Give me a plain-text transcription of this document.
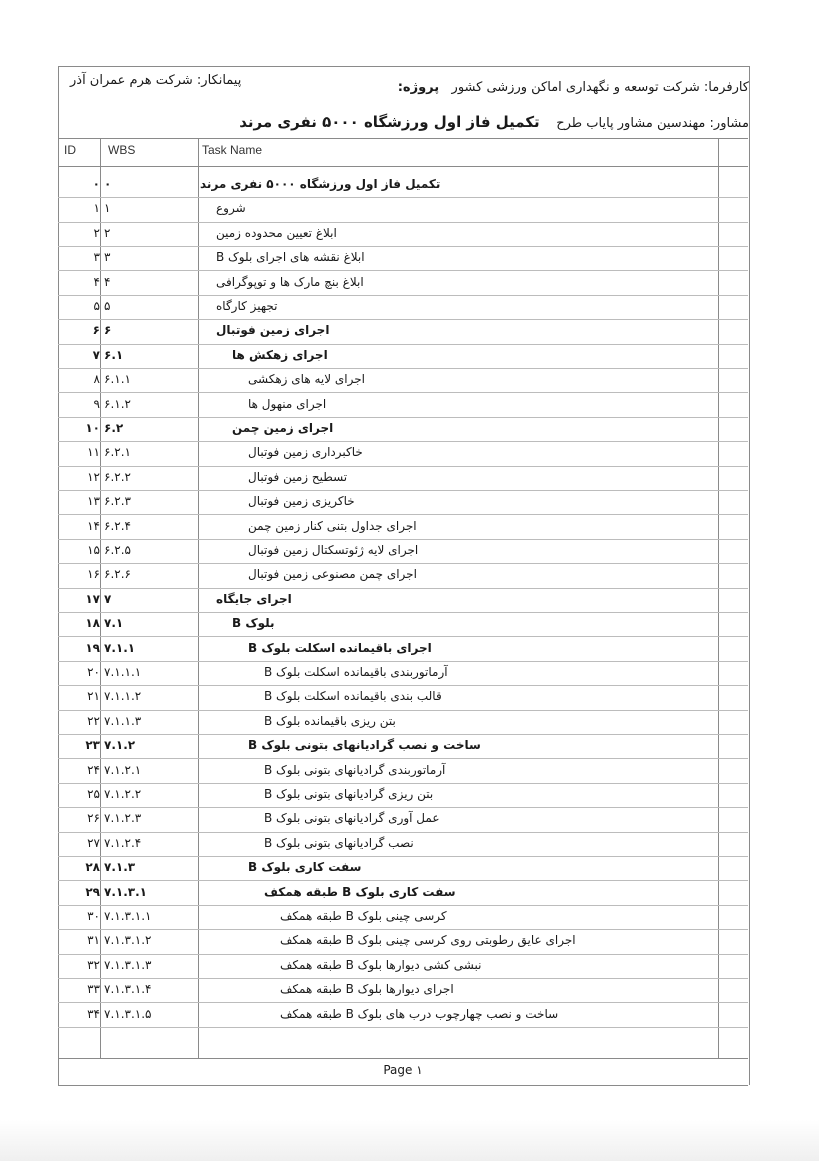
کارفرما: شرکت توسعه و نگهداری اماکن ورزشی کشور   پروژه:
پیمانکار: شرکت هرم عمران آذر
مشاور: مهندسین مشاور پایاب طرح    تکمیل فاز اول ورزشگاه ۵۰۰۰ نفری مرند
ID	WBS	Task Name
۰ ۰	تکمیل فاز اول ورزشگاه ۵۰۰۰ نفری مرند
۱ ۱	شروع
۲ ۲	ابلاغ تعیین محدوده زمین
۳ ۳	ابلاغ نقشه های اجرای بلوک B
۴ ۴	ابلاغ بنچ مارک ها و توپوگرافی
۵ ۵	تجهیز کارگاه
۶ ۶	اجرای زمین فوتبال
۷ ۶.۱	اجرای زهکش ها
۸ ۶.۱.۱	اجرای لایه های زهکشی
۹ ۶.۱.۲	اجرای منهول ها
۱۰ ۶.۲	اجرای زمین چمن
۱۱ ۶.۲.۱	خاکبرداری زمین فوتبال
۱۲ ۶.۲.۲	تسطیح زمین فوتبال
۱۳ ۶.۲.۳	خاکریزی زمین فوتبال
۱۴ ۶.۲.۴	اجرای جداول بتنی کنار زمین چمن
۱۵ ۶.۲.۵	اجرای لایه ژئوتسکتال زمین فوتبال
۱۶ ۶.۲.۶	اجرای چمن مصنوعی زمین فوتبال
۱۷ ۷	اجرای جایگاه
۱۸ ۷.۱	بلوک B
۱۹ ۷.۱.۱	اجرای باقیمانده اسکلت بلوک B
۲۰ ۷.۱.۱.۱	آرماتوربندی باقیمانده اسکلت بلوک B
۲۱ ۷.۱.۱.۲	قالب بندی باقیمانده اسکلت بلوک B
۲۲ ۷.۱.۱.۳	بتن ریزی باقیمانده بلوک B
۲۳ ۷.۱.۲	ساخت و نصب گرادیانهای بتونی بلوک B
۲۴ ۷.۱.۲.۱	آرماتوربندی گرادیانهای بتونی بلوک B
۲۵ ۷.۱.۲.۲	بتن ریزی گرادیانهای بتونی بلوک B
۲۶ ۷.۱.۲.۳	عمل آوری گرادیانهای بتونی بلوک B
۲۷ ۷.۱.۲.۴	نصب گرادیانهای بتونی بلوک B
۲۸ ۷.۱.۳	سفت کاری بلوک B
۲۹ ۷.۱.۳.۱	سفت کاری بلوک B طبقه همکف
۳۰ ۷.۱.۳.۱.۱	کرسی چینی بلوک B طبقه همکف
۳۱ ۷.۱.۳.۱.۲	اجرای عایق رطوبتی روی کرسی چینی بلوک B طبقه همکف
۳۲ ۷.۱.۳.۱.۳	نبشی کشی دیوارها بلوک B طبقه همکف
۳۳ ۷.۱.۳.۱.۴	اجرای دیوارها بلوک B طبقه همکف
۳۴ ۷.۱.۳.۱.۵	ساخت و نصب چهارچوب درب های بلوک B طبقه همکف
Page ۱
